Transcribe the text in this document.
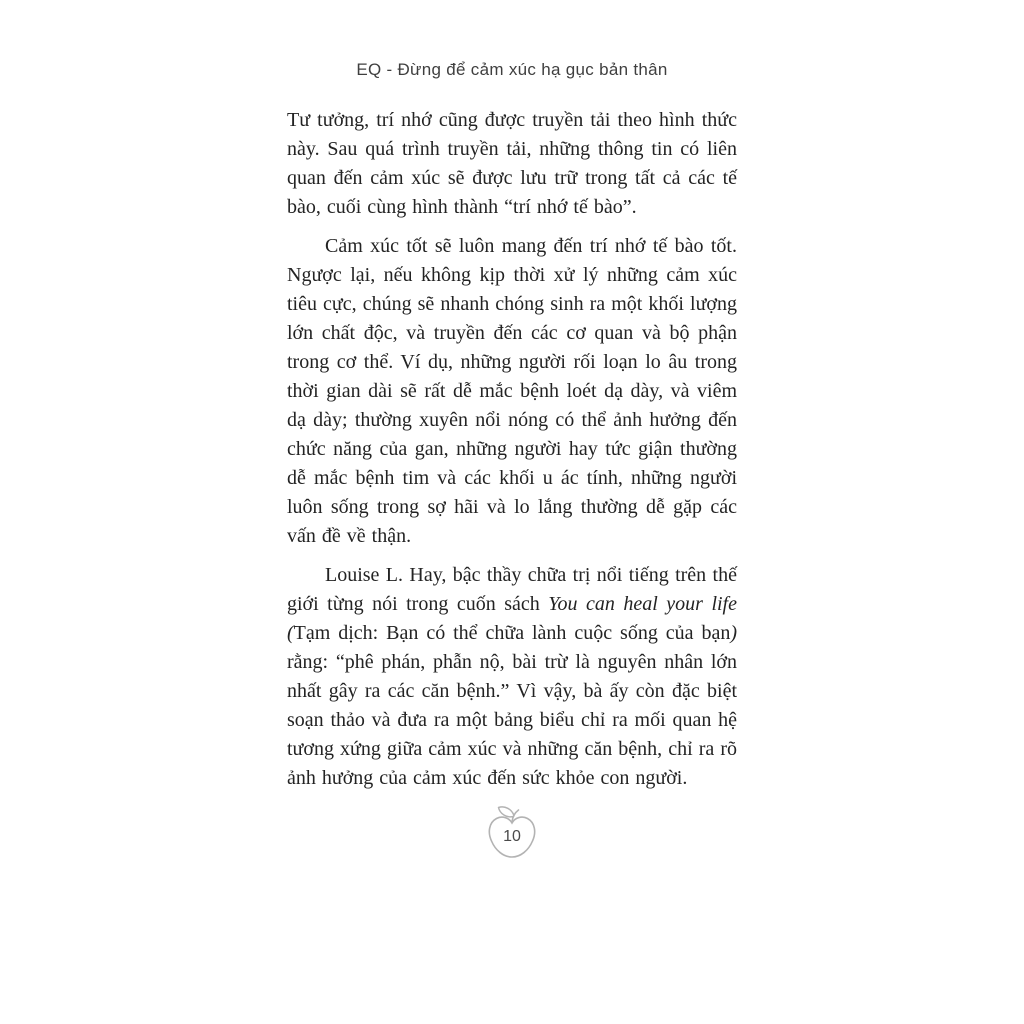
EQ - Đừng để cảm xúc hạ gục bản thân

Tư tưởng, trí nhớ cũng được truyền tải theo hình thức này. Sau quá trình truyền tải, những thông tin có liên quan đến cảm xúc sẽ được lưu trữ trong tất cả các tế bào, cuối cùng hình thành “trí nhớ tế bào”.

Cảm xúc tốt sẽ luôn mang đến trí nhớ tế bào tốt. Ngược lại, nếu không kịp thời xử lý những cảm xúc tiêu cực, chúng sẽ nhanh chóng sinh ra một khối lượng lớn chất độc, và truyền đến các cơ quan và bộ phận trong cơ thể. Ví dụ, những người rối loạn lo âu trong thời gian dài sẽ rất dễ mắc bệnh loét dạ dày, và viêm dạ dày; thường xuyên nổi nóng có thể ảnh hưởng đến chức năng của gan, những người hay tức giận thường dễ mắc bệnh tim và các khối u ác tính, những người luôn sống trong sợ hãi và lo lắng thường dễ gặp các vấn đề về thận.

Louise L. Hay, bậc thầy chữa trị nổi tiếng trên thế giới từng nói trong cuốn sách You can heal your life (Tạm dịch: Bạn có thể chữa lành cuộc sống của bạn) rằng: “phê phán, phẫn nộ, bài trừ là nguyên nhân lớn nhất gây ra các căn bệnh.” Vì vậy, bà ấy còn đặc biệt soạn thảo và đưa ra một bảng biểu chỉ ra mối quan hệ tương xứng giữa cảm xúc và những căn bệnh, chỉ ra rõ ảnh hưởng của cảm xúc đến sức khỏe con người.

10
